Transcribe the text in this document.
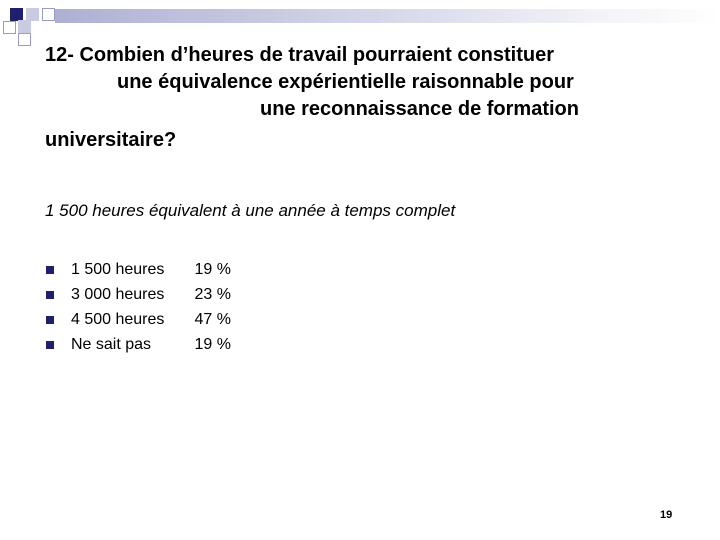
12- Combien d’heures de travail pourraient constituer
une équivalence expérientielle raisonnable pour
une reconnaissance de formation
universitaire?
1 500 heures équivalent à une année à temps complet
1 500 heures	19 %
3 000 heures	23 %
4 500 heures	47 %
Ne sait pas	19 %
19
